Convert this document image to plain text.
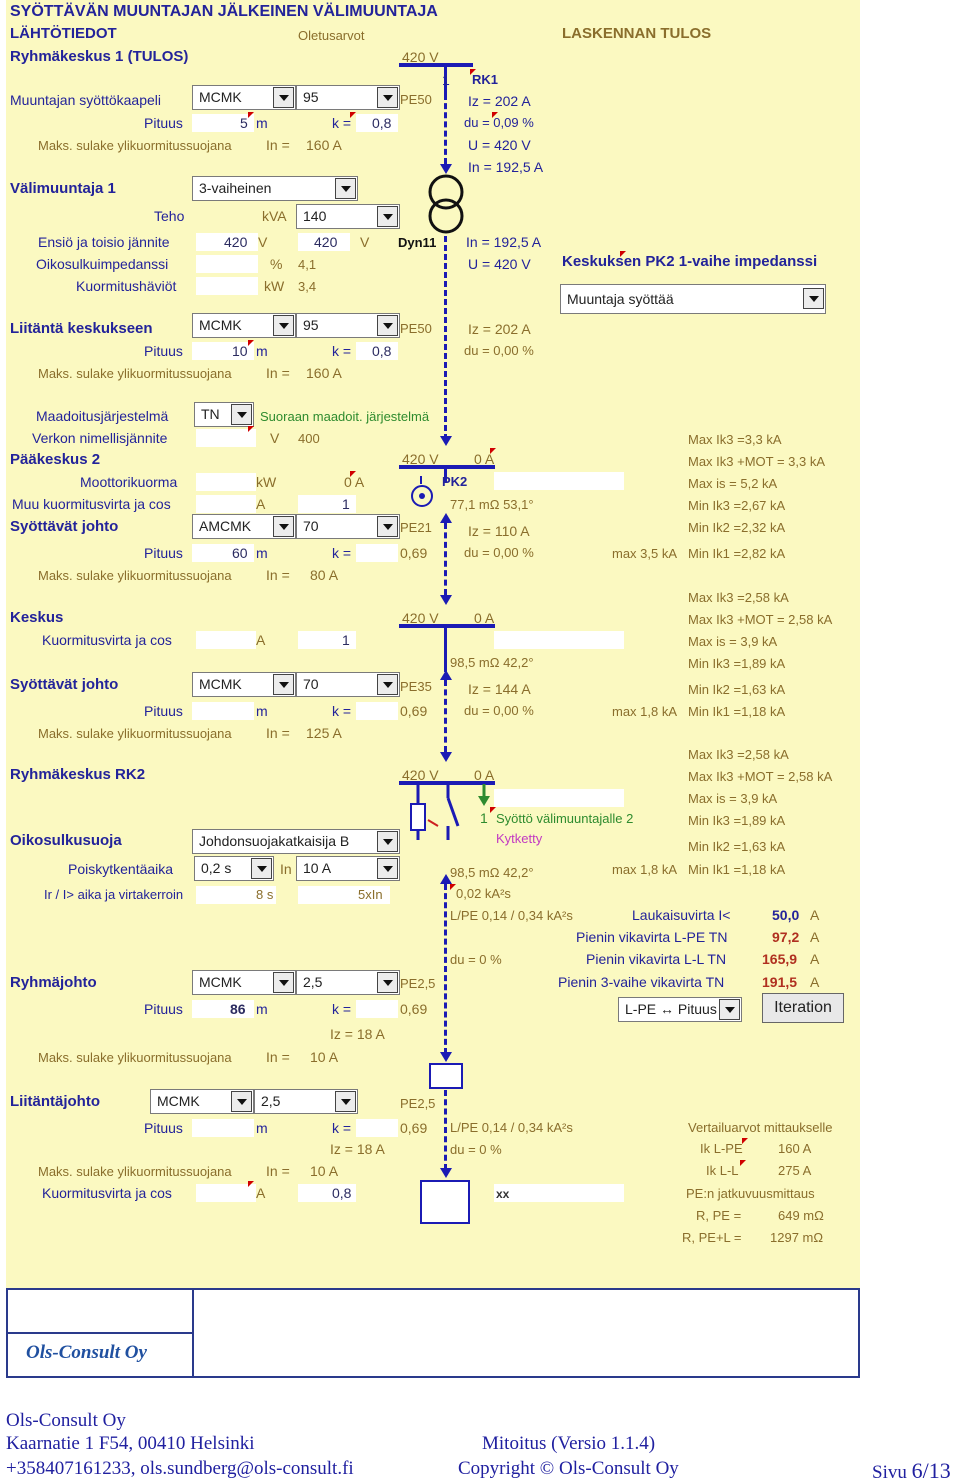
SYÖTTÄVÄN MUUNTAJAN JÄLKEINEN VÄLIMUUNTAJA
LÄHTÖTIEDOT	Oletusarvot	LASKENNAN TULOS
Ryhmäkeskus 1 (TULOS)
Muuntajan syöttökaapeli	MCMK	95	PE50
Pituus	5 m	k = 0,8
Maks. sulake ylikuormitussuojana In = 160 A
420 V
1 RK1
Iz = 202 A
du = 0,09 %
U = 420 V
In = 192,5 A
Välimuuntaja 1	3-vaiheinen
Teho	kVA	140
Ensiö ja toisio jännite	420 V	420 V
Oikosulkuimpedanssi	% 4,1
Kuormitushäviöt	kW 3,4
Dyn11 In = 192,5 A
U = 420 V Keskuksen PK2 1-vaihe impedanssi
Muuntaja syöttää
Liitäntä keskukseen	MCMK	95	PE50
Pituus	10 m	k = 0,8
Maks. sulake ylikuormitussuojana In = 160 A
Iz = 202 A
du = 0,00 %
Maadoitusjärjestelmä	TN	Suoraan maadoit. järjestelmä
Verkon nimellisjännite	V 400
Pääkeskus 2	420 V	0 A
PK2
77,1 mΩ 53,1°
Moottorikuorma	kW	0 A
Muu kuormitusvirta ja cos	A	1
Max Ik3 =3,3 kA
Max Ik3 +MOT = 3,3 kA
Max is = 5,2 kA
Min Ik3 =2,67 kA
Min Ik2 =2,32 kA
max 3,5 kA Min Ik1 =2,82 kA
Syöttävät johto	AMCMK	70	PE21
Pituus	60 m	k =	0,69
Maks. sulake ylikuormitussuojana In = 80 A
Iz = 110 A
du = 0,00 %
Keskus	420 V	0 A
Kuormitusvirta ja cos	A	1
98,5 mΩ 42,2°
Max Ik3 =2,58 kA
Max Ik3 +MOT = 2,58 kA
Max is = 3,9 kA
Min Ik3 =1,89 kA
Min Ik2 =1,63 kA
max 1,8 kA Min Ik1 =1,18 kA
Syöttävät johto	MCMK	70	PE35
Pituus	m	k =	0,69
Maks. sulake ylikuormitussuojana In = 125 A
Iz = 144 A
du = 0,00 %
Ryhmäkeskus RK2	420 V	0 A
1 Syöttö välimuuntajalle 2
Kytketty
98,5 mΩ 42,2°
Max Ik3 =2,58 kA
Max Ik3 +MOT = 2,58 kA
Max is = 3,9 kA
Min Ik3 =1,89 kA
Min Ik2 =1,63 kA
max 1,8 kA Min Ik1 =1,18 kA
Oikosulkusuoja	Johdonsuojakatkaisija B
Poiskytkentäaika	0,2 s	In 10 A
Ir / I> aika ja virtakerroin	8 s	5xIn	0,02 kA²s
L/PE 0,14 / 0,34 kA²s
du = 0 %
Laukaisuvirta I<	50,0 A
Pienin vikavirta L-PE TN	97,2 A
Pienin vikavirta L-L TN	165,9 A
Pienin 3-vaihe vikavirta TN	191,5 A
L-PE ↔ Pituus	Iteration
Ryhmäjohto	MCMK	2,5	PE2,5
Pituus	86 m	k =	0,69
Iz = 18 A
Maks. sulake ylikuormitussuojana In = 10 A
Liitäntäjohto	MCMK	2,5	PE2,5
Pituus	m	k =	0,69
Iz = 18 A
Maks. sulake ylikuormitussuojana In = 10 A
Kuormitusvirta ja cos	A	0,8
L/PE 0,14 / 0,34 kA²s
du = 0 %
xx
Vertailuarvot mittaukselle
Ik L-PE	160 A
Ik L-L	275 A
PE:n jatkuvuusmittaus
R, PE =	649 mΩ
R, PE+L = 1297 mΩ
Ols-Consult Oy
Ols-Consult Oy
Kaarnatie 1 F54, 00410 Helsinki
+358407161233, ols.sundberg@ols-consult.fi
Mitoitus (Versio 1.1.4)
Copyright © Ols-Consult Oy	Sivu 6/13
